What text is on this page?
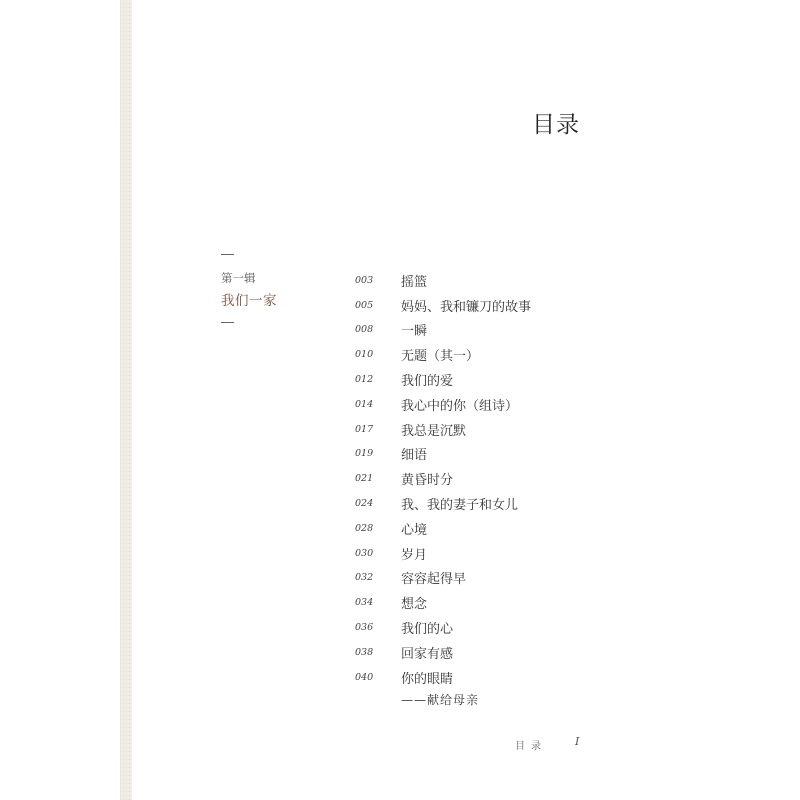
目录
第一辑
我们一家
003	摇篮
005	妈妈、我和镰刀的故事
008	一瞬
010	无题（其一）
012	我们的爱
014	我心中的你（组诗）
017	我总是沉默
019	细语
021	黄昏时分
024	我、我的妻子和女儿
028	心境
030	岁月
032	容容起得早
034	想念
036	我们的心
038	回家有感
040	你的眼睛
——献给母亲
目录	I
